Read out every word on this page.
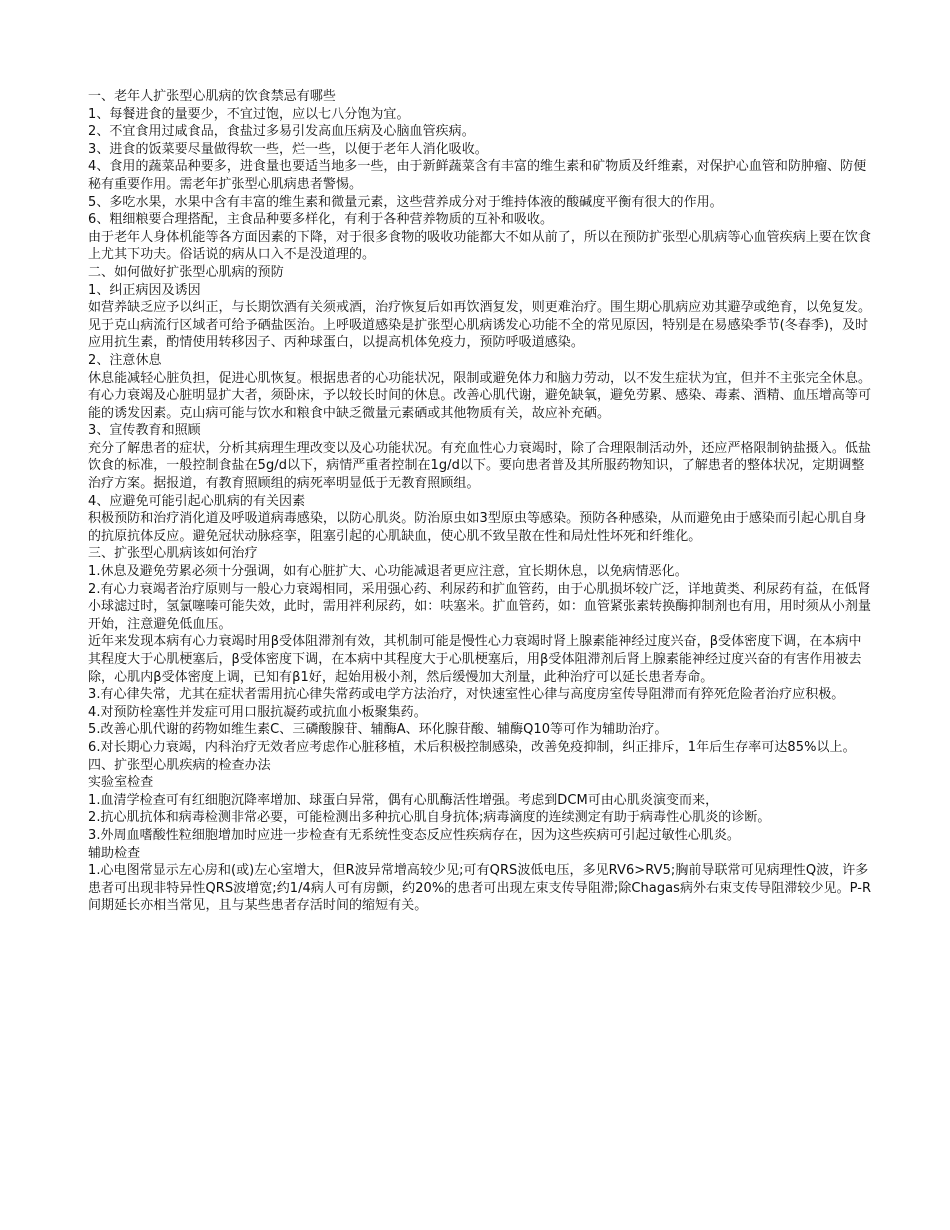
一、老年人扩张型心肌病的饮食禁忌有哪些

1、每餐进食的量要少，不宜过饱，应以七八分饱为宜。

2、不宜食用过咸食品，食盐过多易引发高血压病及心脑血管疾病。

3、进食的饭菜要尽量做得软一些，烂一些，以便于老年人消化吸收。

4、食用的蔬菜品种要多，进食量也要适当地多一些，由于新鲜蔬菜含有丰富的维生素和矿物质及纤维素，对保护心血管和防肿瘤、防便秘有重要作用。需老年扩张型心肌病患者警惕。

5、多吃水果，水果中含有丰富的维生素和微量元素，这些营养成分对于维持体液的酸碱度平衡有很大的作用。

6、粗细粮要合理搭配，主食品种要多样化，有利于各种营养物质的互补和吸收。

由于老年人身体机能等各方面因素的下降，对于很多食物的吸收功能都大不如从前了，所以在预防扩张型心肌病等心血管疾病上要在饮食上尤其下功夫。俗话说的病从口入不是没道理的。

二、如何做好扩张型心肌病的预防

1、纠正病因及诱因

如营养缺乏应予以纠正，与长期饮酒有关须戒酒，治疗恢复后如再饮酒复发，则更难治疗。围生期心肌病应劝其避孕或绝育，以免复发。见于克山病流行区域者可给予硒盐医治。上呼吸道感染是扩张型心肌病诱发心功能不全的常见原因，特别是在易感染季节(冬春季)，及时应用抗生素，酌情使用转移因子、丙种球蛋白，以提高机体免疫力，预防呼吸道感染。

2、注意休息

休息能减轻心脏负担，促进心肌恢复。根据患者的心功能状况，限制或避免体力和脑力劳动，以不发生症状为宜，但并不主张完全休息。有心力衰竭及心脏明显扩大者，须卧床，予以较长时间的休息。改善心肌代谢，避免缺氧，避免劳累、感染、毒素、酒精、血压增高等可能的诱发因素。克山病可能与饮水和粮食中缺乏微量元素硒或其他物质有关，故应补充硒。

3、宣传教育和照顾

充分了解患者的症状，分析其病理生理改变以及心功能状况。有充血性心力衰竭时，除了合理限制活动外，还应严格限制钠盐摄入。低盐饮食的标准，一般控制食盐在5g/d以下，病情严重者控制在1g/d以下。要向患者普及其所服药物知识，了解患者的整体状况，定期调整治疗方案。据报道，有教育照顾组的病死率明显低于无教育照顾组。

4、应避免可能引起心肌病的有关因素

积极预防和治疗消化道及呼吸道病毒感染，以防心肌炎。防治原虫如3型原虫等感染。预防各种感染，从而避免由于感染而引起心肌自身的抗原抗体反应。避免冠状动脉痉挛，阻塞引起的心肌缺血，使心肌不致呈散在性和局灶性坏死和纤维化。

三、扩张型心肌病该如何治疗

1.休息及避免劳累必须十分强调，如有心脏扩大、心功能减退者更应注意，宜长期休息，以免病情恶化。

2.有心力衰竭者治疗原则与一般心力衰竭相同，采用强心药、利尿药和扩血管药，由于心肌损坏较广泛，详地黄类、利尿药有益，在低肾小球滤过时，氢氯噻嗪可能失效，此时，需用袢利尿药，如：呋塞米。扩血管药，如：血管紧张素转换酶抑制剂也有用，用时须从小剂量开始，注意避免低血压。

近年来发现本病有心力衰竭时用β受体阻滞剂有效，其机制可能是慢性心力衰竭时肾上腺素能神经过度兴奋，β受体密度下调，在本病中其程度大于心肌梗塞后，β受体密度下调，在本病中其程度大于心肌梗塞后，用β受体阻滞剂后肾上腺素能神经过度兴奋的有害作用被去除，心肌内β受体密度上调，已知有β1好，起始用极小剂，然后缓慢加大剂量，此种治疗可以延长患者寿命。

3.有心律失常，尤其在症状者需用抗心律失常药或电学方法治疗，对快速室性心律与高度房室传导阻滞而有猝死危险者治疗应积极。

4.对预防栓塞性并发症可用口服抗凝药或抗血小板聚集药。

5.改善心肌代谢的药物如维生素C、三磷酸腺苷、辅酶A、环化腺苷酸、辅酶Q10等可作为辅助治疗。

6.对长期心力衰竭，内科治疗无效者应考虑作心脏移植，术后积极控制感染，改善免疫抑制，纠正排斥，1年后生存率可达85%以上。

四、扩张型心肌疾病的检查办法

实验室检查

1.血清学检查可有红细胞沉降率增加、球蛋白异常，偶有心肌酶活性增强。考虑到DCM可由心肌炎演变而来，

2.抗心肌抗体和病毒检测非常必要，可能检测出多种抗心肌自身抗体;病毒滴度的连续测定有助于病毒性心肌炎的诊断。

3.外周血嗜酸性粒细胞增加时应进一步检查有无系统性变态反应性疾病存在，因为这些疾病可引起过敏性心肌炎。

辅助检查

1.心电图常显示左心房和(或)左心室增大，但R波异常增高较少见;可有QRS波低电压，多见RV6>RV5;胸前导联常可见病理性Q波，许多患者可出现非特异性QRS波增宽;约1/4病人可有房颤，约20%的患者可出现左束支传导阻滞;除Chagas病外右束支传导阻滞较少见。P-R间期延长亦相当常见，且与某些患者存活时间的缩短有关。
